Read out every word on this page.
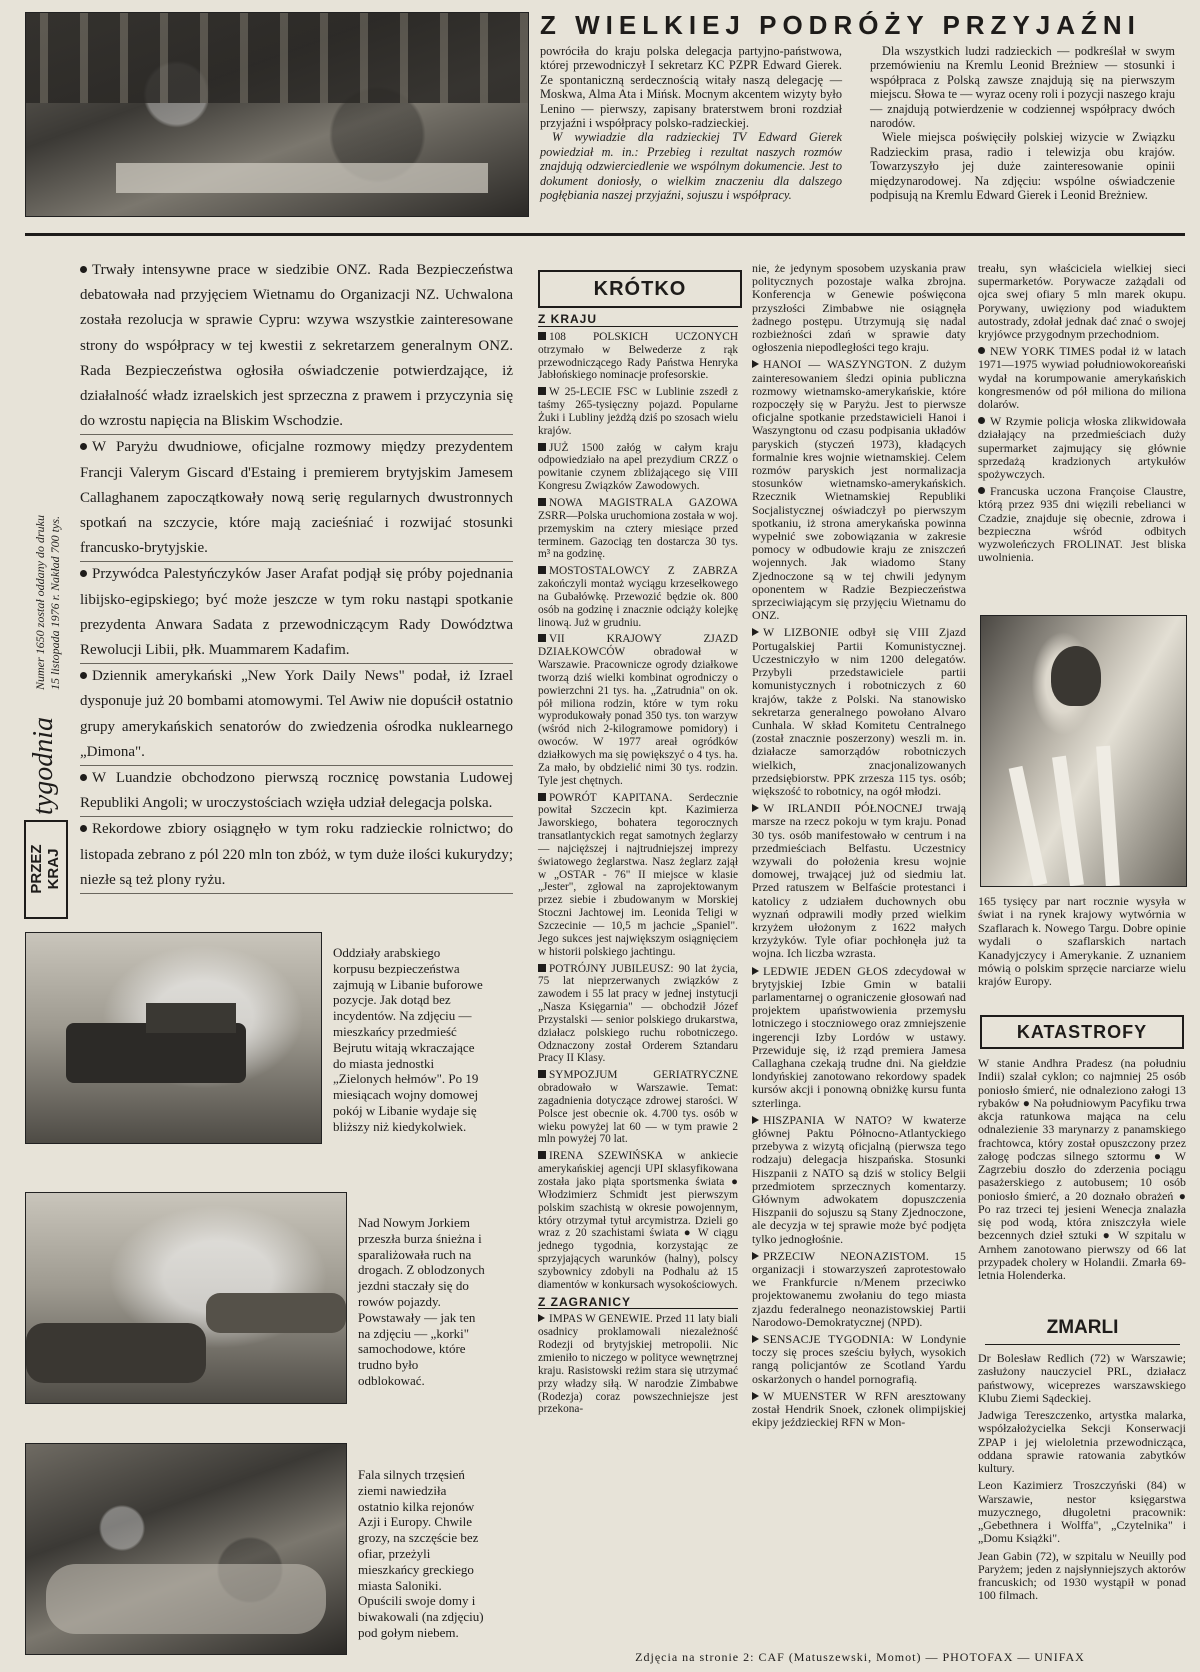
Z WIELKIEJ PODRÓŻY PRZYJAŹNI

powróciła do kraju polska delegacja partyjno-państwowa, której przewodniczył I sekretarz KC PZPR Edward Gierek. Ze spontaniczną serdecznością witały naszą delegację — Moskwa, Alma Ata i Mińsk. Mocnym akcentem wizyty było Lenino — pierwszy, zapisany braterstwem broni rozdział przyjaźni i współpracy polsko-radzieckiej.

W wywiadzie dla radzieckiej TV Edward Gierek powiedział m. in.: Przebieg i rezultat naszych rozmów znajdują odzwierciedlenie we wspólnym dokumencie. Jest to dokument doniosły, o wielkim znaczeniu dla dalszego pogłębiania naszej przyjaźni, sojuszu i współpracy.

Dla wszystkich ludzi radzieckich — podkreślał w swym przemówieniu na Kremlu Leonid Breżniew — stosunki i współpraca z Polską zawsze znajdują się na pierwszym miejscu. Słowa te — wyraz oceny roli i pozycji naszego kraju — znajdują potwierdzenie w codziennej współpracy dwóch narodów.

Wiele miejsca poświęciły polskiej wizycie w Związku Radzieckim prasa, radio i telewizja obu krajów. Towarzyszyło jej duże zainteresowanie opinii międzynarodowej. Na zdjęciu: wspólne oświadczenie podpisują na Kremlu Edward Gierek i Leonid Breżniew.

PRZEZ KRAJ
tygodnia
Numer 1650 został oddany do druku 15 listopada 1976 r. Nakład 700 tys.

Trwały intensywne prace w siedzibie ONZ. Rada Bezpieczeństwa debatowała nad przyjęciem Wietnamu do Organizacji NZ. Uchwalona została rezolucja w sprawie Cypru: wzywa wszystkie zainteresowane strony do współpracy w tej kwestii z sekretarzem generalnym ONZ. Rada Bezpieczeństwa ogłosiła oświadczenie potwierdzające, iż działalność władz izraelskich jest sprzeczna z prawem i przyczynia się do wzrostu napięcia na Bliskim Wschodzie.

W Paryżu dwudniowe, oficjalne rozmowy między prezydentem Francji Valerym Giscard d'Estaing i premierem brytyjskim Jamesem Callaghanem zapoczątkowały nową serię regularnych dwustronnych spotkań na szczycie, które mają zacieśniać i rozwijać stosunki francusko-brytyjskie.

Przywódca Palestyńczyków Jaser Arafat podjął się próby pojednania libijsko-egipskiego; być może jeszcze w tym roku nastąpi spotkanie prezydenta Anwara Sadata z przewodniczącym Rady Dowództwa Rewolucji Libii, płk. Muammarem Kadafim.

Dziennik amerykański „New York Daily News" podał, iż Izrael dysponuje już 20 bombami atomowymi. Tel Awiw nie dopuścił ostatnio grupy amerykańskich senatorów do zwiedzenia ośrodka nuklearnego „Dimona".

W Luandzie obchodzono pierwszą rocznicę powstania Ludowej Republiki Angoli; w uroczystościach wzięła udział delegacja polska.

Rekordowe zbiory osiągnęło w tym roku radzieckie rolnictwo; do listopada zebrano z pól 220 mln ton zbóż, w tym duże ilości kukurydzy; niezłe są też plony ryżu.

Oddziały arabskiego korpusu bezpieczeństwa zajmują w Libanie buforowe pozycje. Jak dotąd bez incydentów. Na zdjęciu — mieszkańcy przedmieść Bejrutu witają wkraczające do miasta jednostki „Zielonych hełmów". Po 19 miesiącach wojny domowej pokój w Libanie wydaje się bliższy niż kiedykolwiek.
Nad Nowym Jorkiem przeszła burza śnieżna i sparaliżowała ruch na drogach. Z oblodzonych jezdni staczały się do rowów pojazdy. Powstawały — jak ten na zdjęciu — „korki" samochodowe, które trudno było odblokować.
Fala silnych trzęsień ziemi nawiedziła ostatnio kilka rejonów Azji i Europy. Chwile grozy, na szczęście bez ofiar, przeżyli mieszkańcy greckiego miasta Saloniki. Opuścili swoje domy i biwakowali (na zdjęciu) pod gołym niebem.
KRÓTKO
Z KRAJU

108 POLSKICH UCZONYCH otrzymało w Belwederze z rąk przewodniczącego Rady Państwa Henryka Jabłońskiego nominacje profesorskie.

W 25-LECIE FSC w Lublinie zszedł z taśmy 265-tysięczny pojazd. Popularne Żuki i Lubliny jeżdżą dziś po szosach wielu krajów.

JUŻ 1500 załóg w całym kraju odpowiedziało na apel prezydium CRZZ o powitanie czynem zbliżającego się VIII Kongresu Związków Zawodowych.

NOWA MAGISTRALA GAZOWA ZSRR—Polska uruchomiona została w woj. przemyskim na cztery miesiące przed terminem. Gazociąg ten dostarcza 30 tys. m³ na godzinę.

MOSTOSTALOWCY Z ZABRZA zakończyli montaż wyciągu krzesełkowego na Gubałówkę. Przewozić będzie ok. 800 osób na godzinę i znacznie odciąży kolejkę linową. Już w grudniu.

VII KRAJOWY ZJAZD DZIAŁKOWCÓW obradował w Warszawie. Pracownicze ogrody działkowe tworzą dziś wielki kombinat ogrodniczy o powierzchni 21 tys. ha. „Zatrudnia" on ok. pół miliona rodzin, które w tym roku wyprodukowały ponad 350 tys. ton warzyw (wśród nich 2-kilogramowe pomidory) i owoców. W 1977 areał ogródków działkowych ma się powiększyć o 4 tys. ha. Za mało, by obdzielić nimi 30 tys. rodzin. Tyle jest chętnych.

POWRÓT KAPITANA. Serdecznie powitał Szczecin kpt. Kazimierza Jaworskiego, bohatera tegorocznych transatlantyckich regat samotnych żeglarzy — najcięższej i najtrudniejszej imprezy światowego żeglarstwa. Nasz żeglarz zajął w „OSTAR - 76" II miejsce w klasie „Jester", zgłowal na zaprojektowanym przez siebie i zbudowanym w Morskiej Stoczni Jachtowej im. Leonida Teligi w Szczecinie — 10,5 m jachcie „Spaniel". Jego sukces jest największym osiągnięciem w historii polskiego jachtingu.

POTRÓJNY JUBILEUSZ: 90 lat życia, 75 lat nieprzerwanych związków z zawodem i 55 lat pracy w jednej instytucji „Nasza Księgarnia" — obchodził Józef Przystalski — senior polskiego drukarstwa, działacz polskiego ruchu robotniczego. Odznaczony został Orderem Sztandaru Pracy II Klasy.

SYMPOZJUM GERIATRYCZNE obradowało w Warszawie. Temat: zagadnienia dotyczące zdrowej starości. W Polsce jest obecnie ok. 4.700 tys. osób w wieku powyżej lat 60 — w tym prawie 2 mln powyżej 70 lat.

IRENA SZEWIŃSKA w ankiecie amerykańskiej agencji UPI sklasyfikowana została jako piąta sportsmenka świata ● Włodzimierz Schmidt jest pierwszym polskim szachistą w okresie powojennym, który otrzymał tytuł arcymistrza. Dzieli go wraz z 20 szachistami świata ● W ciągu jednego tygodnia, korzystając ze sprzyjających warunków (halny), polscy szybownicy zdobyli na Podhalu aż 15 diamentów w konkursach wysokościowych.

Z ZAGRANICY

IMPAS W GENEWIE. Przed 11 laty biali osadnicy proklamowali niezależność Rodezji od brytyjskiej metropolii. Nic zmieniło to niczego w polityce wewnętrznej kraju. Rasistowski reżim stara się utrzymać przy władzy siłą. W narodzie Zimbabwe (Rodezja) coraz powszechniejsze jest przekona-

nie, że jedynym sposobem uzyskania praw politycznych pozostaje walka zbrojna. Konferencja w Genewie poświęcona przyszłości Zimbabwe nie osiągnęła żadnego postępu. Utrzymują się nadal rozbieżności zdań w sprawie daty ogłoszenia niepodległości tego kraju.

HANOI — WASZYNGTON. Z dużym zainteresowaniem śledzi opinia publiczna rozmowy wietnamsko-amerykańskie, które rozpoczęły się w Paryżu. Jest to pierwsze oficjalne spotkanie przedstawicieli Hanoi i Waszyngtonu od czasu podpisania układów paryskich (styczeń 1973), kładących formalnie kres wojnie wietnamskiej. Celem rozmów paryskich jest normalizacja stosunków wietnamsko-amerykańskich. Rzecznik Wietnamskiej Republiki Socjalistycznej oświadczył po pierwszym spotkaniu, iż strona amerykańska powinna wypełnić swe zobowiązania w zakresie pomocy w odbudowie kraju ze zniszczeń wojennych. Jak wiadomo Stany Zjednoczone są w tej chwili jedynym oponentem w Radzie Bezpieczeństwa sprzeciwiającym się przyjęciu Wietnamu do ONZ.

W LIZBONIE odbył się VIII Zjazd Portugalskiej Partii Komunistycznej. Uczestniczyło w nim 1200 delegatów. Przybyli przedstawiciele partii komunistycznych i robotniczych z 60 krajów, także z Polski. Na stanowisko sekretarza generalnego powołano Alvaro Cunhala. W skład Komitetu Centralnego (został znacznie poszerzony) weszli m. in. działacze samorządów robotniczych wielkich, znacjonalizowanych przedsiębiorstw. PPK zrzesza 115 tys. osób; większość to robotnicy, na ogół młodzi.

W IRLANDII PÓŁNOCNEJ trwają marsze na rzecz pokoju w tym kraju. Ponad 30 tys. osób manifestowało w centrum i na przedmieściach Belfastu. Uczestnicy wzywali do położenia kresu wojnie domowej, trwającej już od siedmiu lat. Przed ratuszem w Belfaście protestanci i katolicy z udziałem duchownych obu wyznań odprawili modły przed wielkim krzyżem ułożonym z 1622 małych krzyżyków. Tyle ofiar pochłonęła już ta wojna. Ich liczba wzrasta.

LEDWIE JEDEN GŁOS zdecydował w brytyjskiej Izbie Gmin w batalii parlamentarnej o ograniczenie głosowań nad projektem upaństwowienia przemysłu lotniczego i stoczniowego oraz zmniejszenie ingerencji Izby Lordów w ustawy. Przewiduje się, iż rząd premiera Jamesa Callaghana czekają trudne dni. Na giełdzie londyńskiej zanotowano rekordowy spadek kursów akcji i ponowną obniżkę kursu funta szterlinga.

HISZPANIA W NATO? W kwaterze głównej Paktu Północno-Atlantyckiego przebywa z wizytą oficjalną (pierwsza tego rodzaju) delegacja hiszpańska. Stosunki Hiszpanii z NATO są dziś w stolicy Belgii przedmiotem sprzecznych komentarzy. Głównym adwokatem dopuszczenia Hiszpanii do sojuszu są Stany Zjednoczone, ale decyzja w tej sprawie może być podjęta tylko jednogłośnie.

PRZECIW NEONAZISTOM. 15 organizacji i stowarzyszeń zaprotestowało we Frankfurcie n/Menem przeciwko projektowanemu zwołaniu do tego miasta zjazdu federalnego neonazistowskiej Partii Narodowo-Demokratycznej (NPD).

SENSACJE TYGODNIA: W Londynie toczy się proces sześciu byłych, wysokich rangą policjantów ze Scotland Yardu oskarżonych o handel pornografią.

W MUENSTER W RFN aresztowany został Hendrik Snoek, członek olimpijskiej ekipy jeździeckiej RFN w Mon-

treału, syn właściciela wielkiej sieci supermarketów. Porywacze zażądali od ojca swej ofiary 5 mln marek okupu. Porywany, uwięziony pod wiaduktem autostrady, zdołał jednak dać znać o swojej kryjówce przygodnym przechodniom.

NEW YORK TIMES podał iż w latach 1971—1975 wywiad południowokoreański wydał na korumpowanie amerykańskich kongresmenów od pół miliona do miliona dolarów.

W Rzymie policja włoska zlikwidowała działający na przedmieściach duży supermarket zajmujący się głównie sprzedażą kradzionych artykułów spożywczych.

Francuska uczona Françoise Claustre, którą przez 935 dni więzili rebelianci w Czadzie, znajduje się obecnie, zdrowa i bezpieczna wśród odbitych wyzwoleńczych FROLINAT. Jest bliska uwolnienia.

165 tysięcy par nart rocznie wysyła w świat i na rynek krajowy wytwórnia w Szaflarach k. Nowego Targu. Dobre opinie wydali o szaflarskich nartach Kanadyjczycy i Amerykanie. Z uznaniem mówią o polskim sprzęcie narciarze wielu krajów Europy.
KATASTROFY
W stanie Andhra Pradesz (na południu Indii) szalał cyklon; co najmniej 25 osób poniosło śmierć, nie odnaleziono załogi 13 rybaków ● Na południowym Pacyfiku trwa akcja ratunkowa mająca na celu odnalezienie 33 marynarzy z panamskiego frachtowca, który został opuszczony przez załogę podczas silnego sztormu ● W Zagrzebiu doszło do zderzenia pociągu pasażerskiego z autobusem; 10 osób poniosło śmierć, a 20 doznało obrażeń ● Po raz trzeci tej jesieni Wenecja znalazła się pod wodą, która zniszczyła wiele bezcennych dzieł sztuki ● W szpitalu w Arnhem zanotowano pierwszy od 66 lat przypadek cholery w Holandii. Zmarła 69-letnia Holenderka.
ZMARLI

Dr Bolesław Redlich (72) w Warszawie; zasłużony nauczyciel PRL, działacz państwowy, wiceprezes warszawskiego Klubu Ziemi Sądeckiej.

Jadwiga Tereszczenko, artystka malarka, współzałożycielka Sekcji Konserwacji ZPAP i jej wieloletnia przewodnicząca, oddana sprawie ratowania zabytków kultury.

Leon Kazimierz Troszczyński (84) w Warszawie, nestor księgarstwa muzycznego, długoletni pracownik: „Gebethnera i Wolffa", „Czytelnika" i „Domu Książki".

Jean Gabin (72), w szpitalu w Neuilly pod Paryżem; jeden z najsłynniejszych aktorów francuskich; od 1930 wystąpił w ponad 100 filmach.

Zdjęcia na stronie 2: CAF (Matuszewski, Momot) — PHOTOFAX — UNIFAX
